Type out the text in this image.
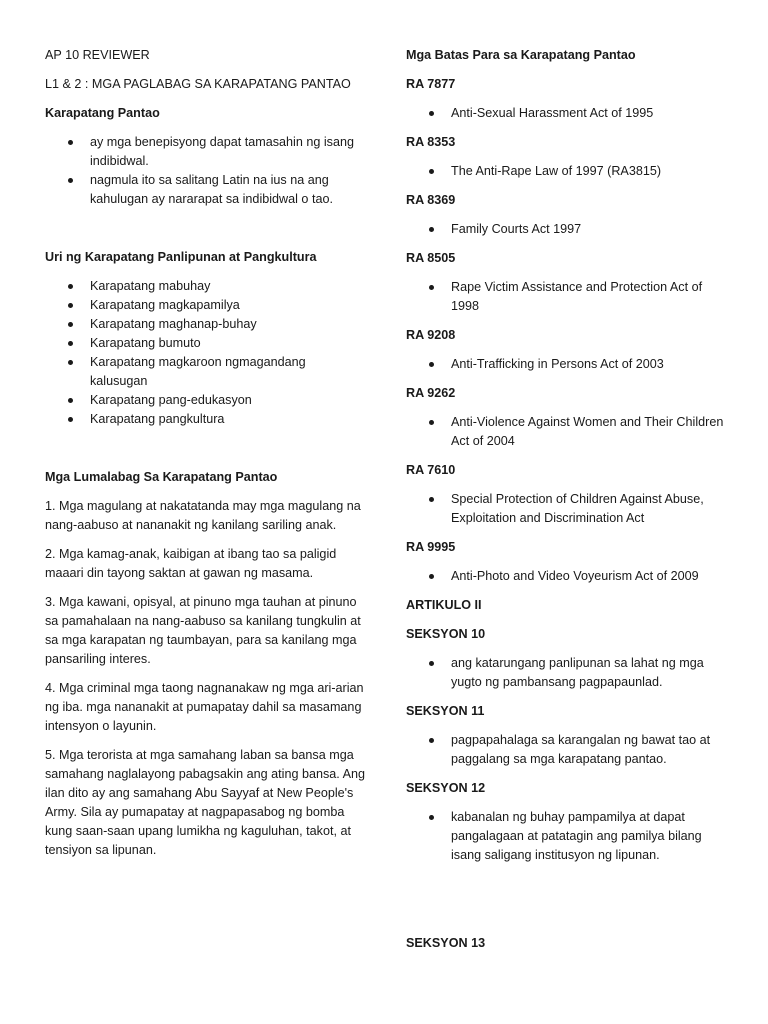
AP 10 REVIEWER

L1 & 2 : MGA PAGLABAG SA KARAPATANG PANTAO

Karapatang Pantao

ay mga benepisyong dapat tamasahin ng isang indibidwal.
nagmula ito sa salitang Latin na ius na ang kahulugan ay nararapat sa indibidwal o tao.

Uri ng Karapatang Panlipunan at Pangkultura

Karapatang mabuhay
Karapatang magkapamilya
Karapatang maghanap-buhay
Karapatang bumuto
Karapatang magkaroon ngmagandang kalusugan
Karapatang pang-edukasyon
Karapatang pangkultura

Mga Lumalabag Sa Karapatang Pantao

1. Mga magulang at nakatatanda may mga magulang na nang-aabuso at nananakit ng kanilang sariling anak.

2. Mga kamag-anak, kaibigan at ibang tao sa paligid maaari din tayong saktan at gawan ng masama.

3. Mga kawani, opisyal, at pinuno mga tauhan at pinuno sa pamahalaan na nang-aabuso sa kanilang tungkulin at sa mga karapatan ng taumbayan, para sa kanilang mga pansariling interes.

4. Mga criminal mga taong nagnanakaw ng mga ari-arian ng iba. mga nananakit at pumapatay dahil sa masamang intensyon o layunin.

5. Mga terorista at mga samahang laban sa bansa mga samahang naglalayong pabagsakin ang ating bansa. Ang ilan dito ay ang samahang Abu Sayyaf at New People's Army. Sila ay pumapatay at nagpapasabog ng bomba kung saan-saan upang lumikha ng kaguluhan, takot, at tensiyon sa lipunan.

Mga Batas Para sa Karapatang Pantao

RA 7877

Anti-Sexual Harassment Act of 1995

RA 8353

The Anti-Rape Law of 1997 (RA3815)

RA 8369

Family Courts Act 1997

RA 8505

Rape Victim Assistance and Protection Act of 1998

RA 9208

Anti-Trafficking in Persons Act of 2003

RA 9262

Anti-Violence Against Women and Their Children Act of 2004

RA 7610

Special Protection of Children Against Abuse, Exploitation and Discrimination Act

RA 9995

Anti-Photo and Video Voyeurism Act of 2009

ARTIKULO II

SEKSYON 10

ang katarungang panlipunan sa lahat ng mga yugto ng pambansang pagpapaunlad.

SEKSYON 11

pagpapahalaga sa karangalan ng bawat tao at paggalang sa mga karapatang pantao.

SEKSYON 12

kabanalan ng buhay pampamilya at dapat pangalagaan at patatagin ang pamilya bilang isang saligang institusyon ng lipunan.

SEKSYON 13
